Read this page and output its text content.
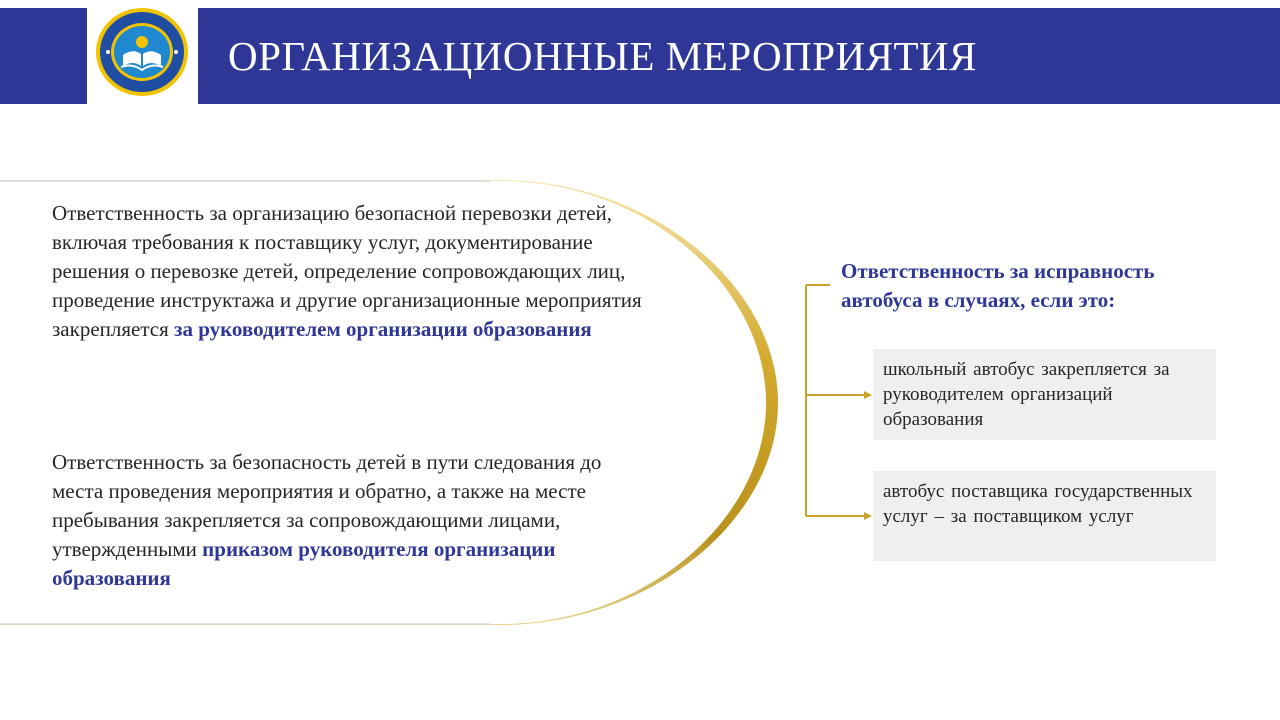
ОРГАНИЗАЦИОННЫЕ МЕРОПРИЯТИЯ
Ответственность за организацию безопасной перевозки детей, включая требования к поставщику услуг, документирование решения о перевозке детей, определение сопровождающих лиц, проведение инструктажа и другие организационные мероприятия закрепляется за руководителем организации образования
Ответственность за безопасность детей в пути следования до места проведения мероприятия и обратно, а также на месте пребывания закрепляется за сопровождающими лицами, утвержденными приказом руководителя организации образования
Ответственность за исправность автобуса в случаях, если это:
школьный автобус закрепляется за руководителем организаций образования
автобус поставщика государственных услуг – за поставщиком услуг
